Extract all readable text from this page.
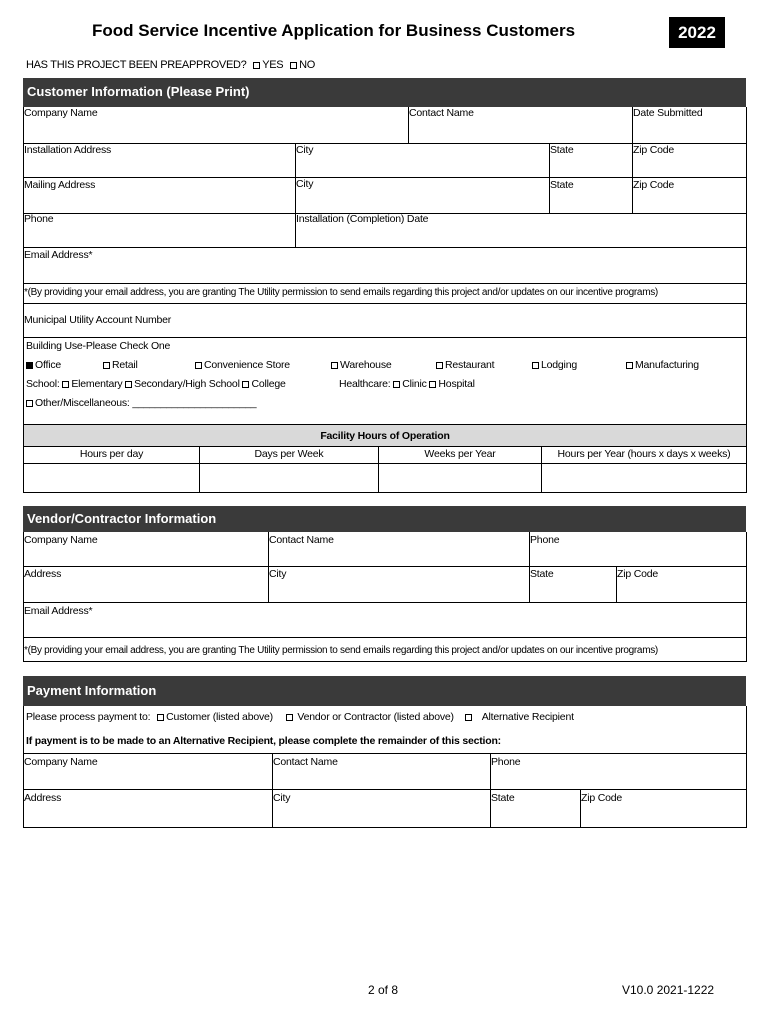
Food Service Incentive Application for Business Customers	2022
HAS THIS PROJECT BEEN PREAPPROVED? YES NO
Customer Information (Please Print)
Company Name	Contact Name	Date Submitted
Installation Address	City	State	Zip Code
Mailing Address	City	State	Zip Code
Phone	Installation (Completion) Date
Email Address*
*(By providing your email address, you are granting The Utility permission to send emails regarding this project and/or updates on our incentive programs)
Municipal Utility Account Number
Building Use-Please Check One
Office	Retail	Convenience Store	Warehouse	Restaurant	Lodging	Manufacturing
School: Elementary Secondary/High School College	Healthcare: Clinic Hospital
Other/Miscellaneous: ______________________
Facility Hours of Operation
Hours per day	Days per Week	Weeks per Year	Hours per Year (hours x days x weeks)
Vendor/Contractor Information
Company Name	Contact Name	Phone
Address	City	State	Zip Code
Email Address*
*(By providing your email address, you are granting The Utility permission to send emails regarding this project and/or updates on our incentive programs)
Payment Information
Please process payment to: Customer (listed above) Vendor or Contractor (listed above)	Alternative Recipient
If payment is to be made to an Alternative Recipient, please complete the remainder of this section:
Company Name	Contact Name	Phone
Address	City	State	Zip Code
2 of 8	V10.0 2021-1222
